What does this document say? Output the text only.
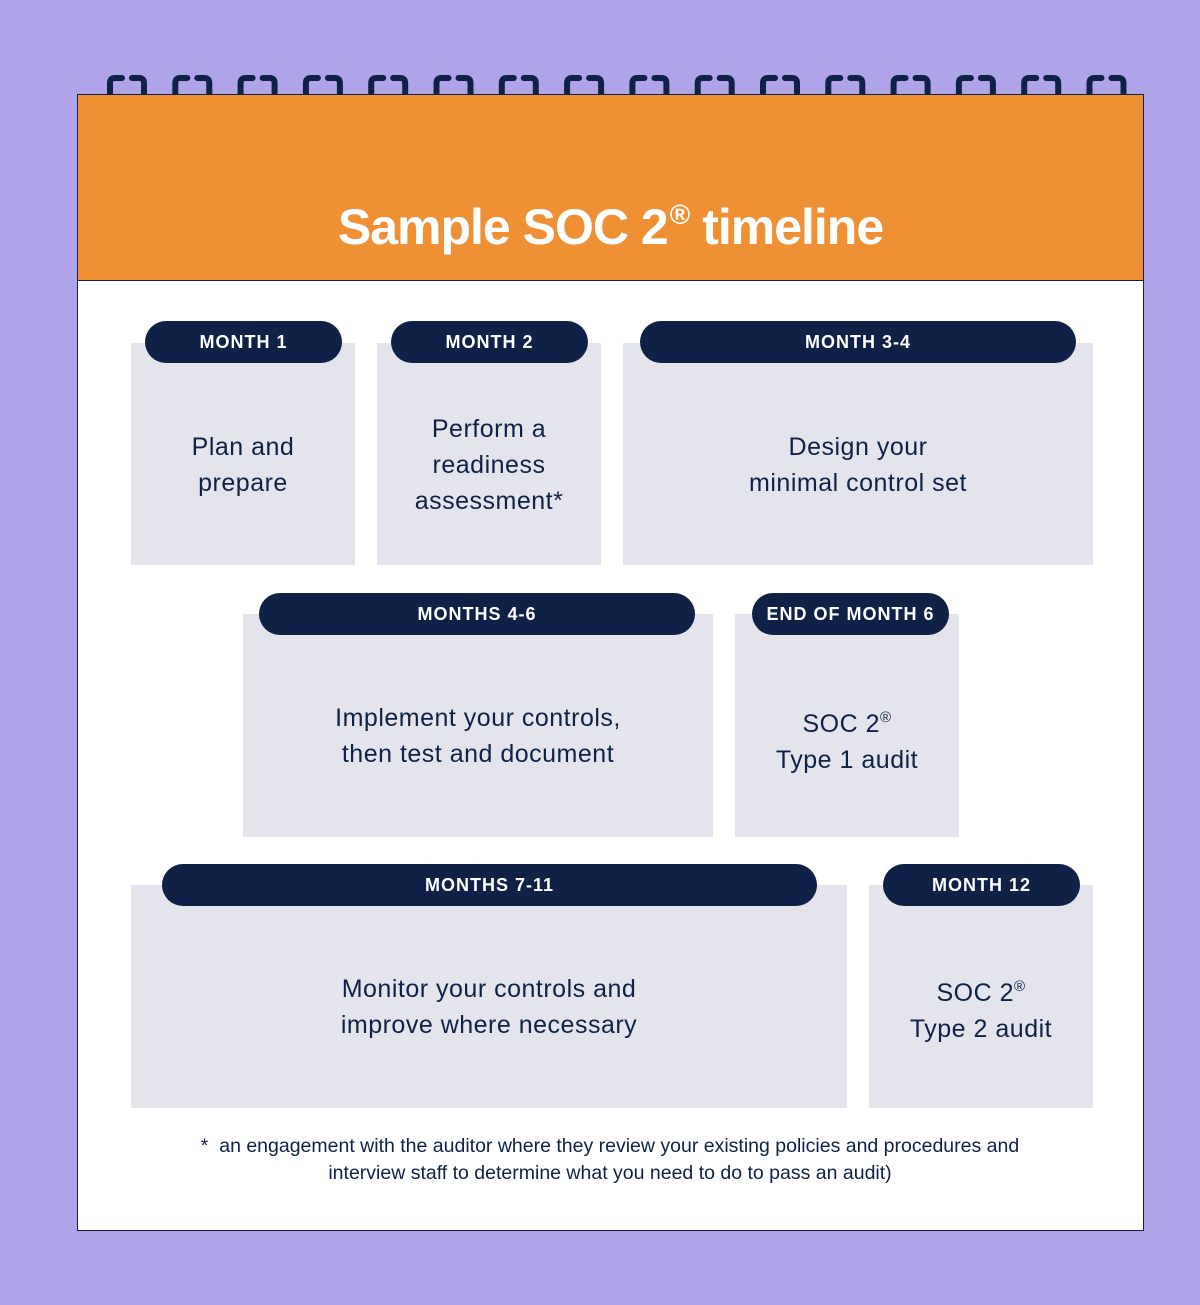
Sample SOC 2® timeline
Plan and
prepare
MONTH 1
Perform a
readiness
assessment*
MONTH 2
Design your
minimal control set
MONTH 3-4
Implement your controls,
then test and document
MONTHS 4-6
SOC 2®
Type 1 audit
END OF MONTH 6
Monitor your controls and
improve where necessary
MONTHS 7-11
SOC 2®
Type 2 audit
MONTH 12
* an engagement with the auditor where they review your existing policies and procedures and
interview staff to determine what you need to do to pass an audit)
